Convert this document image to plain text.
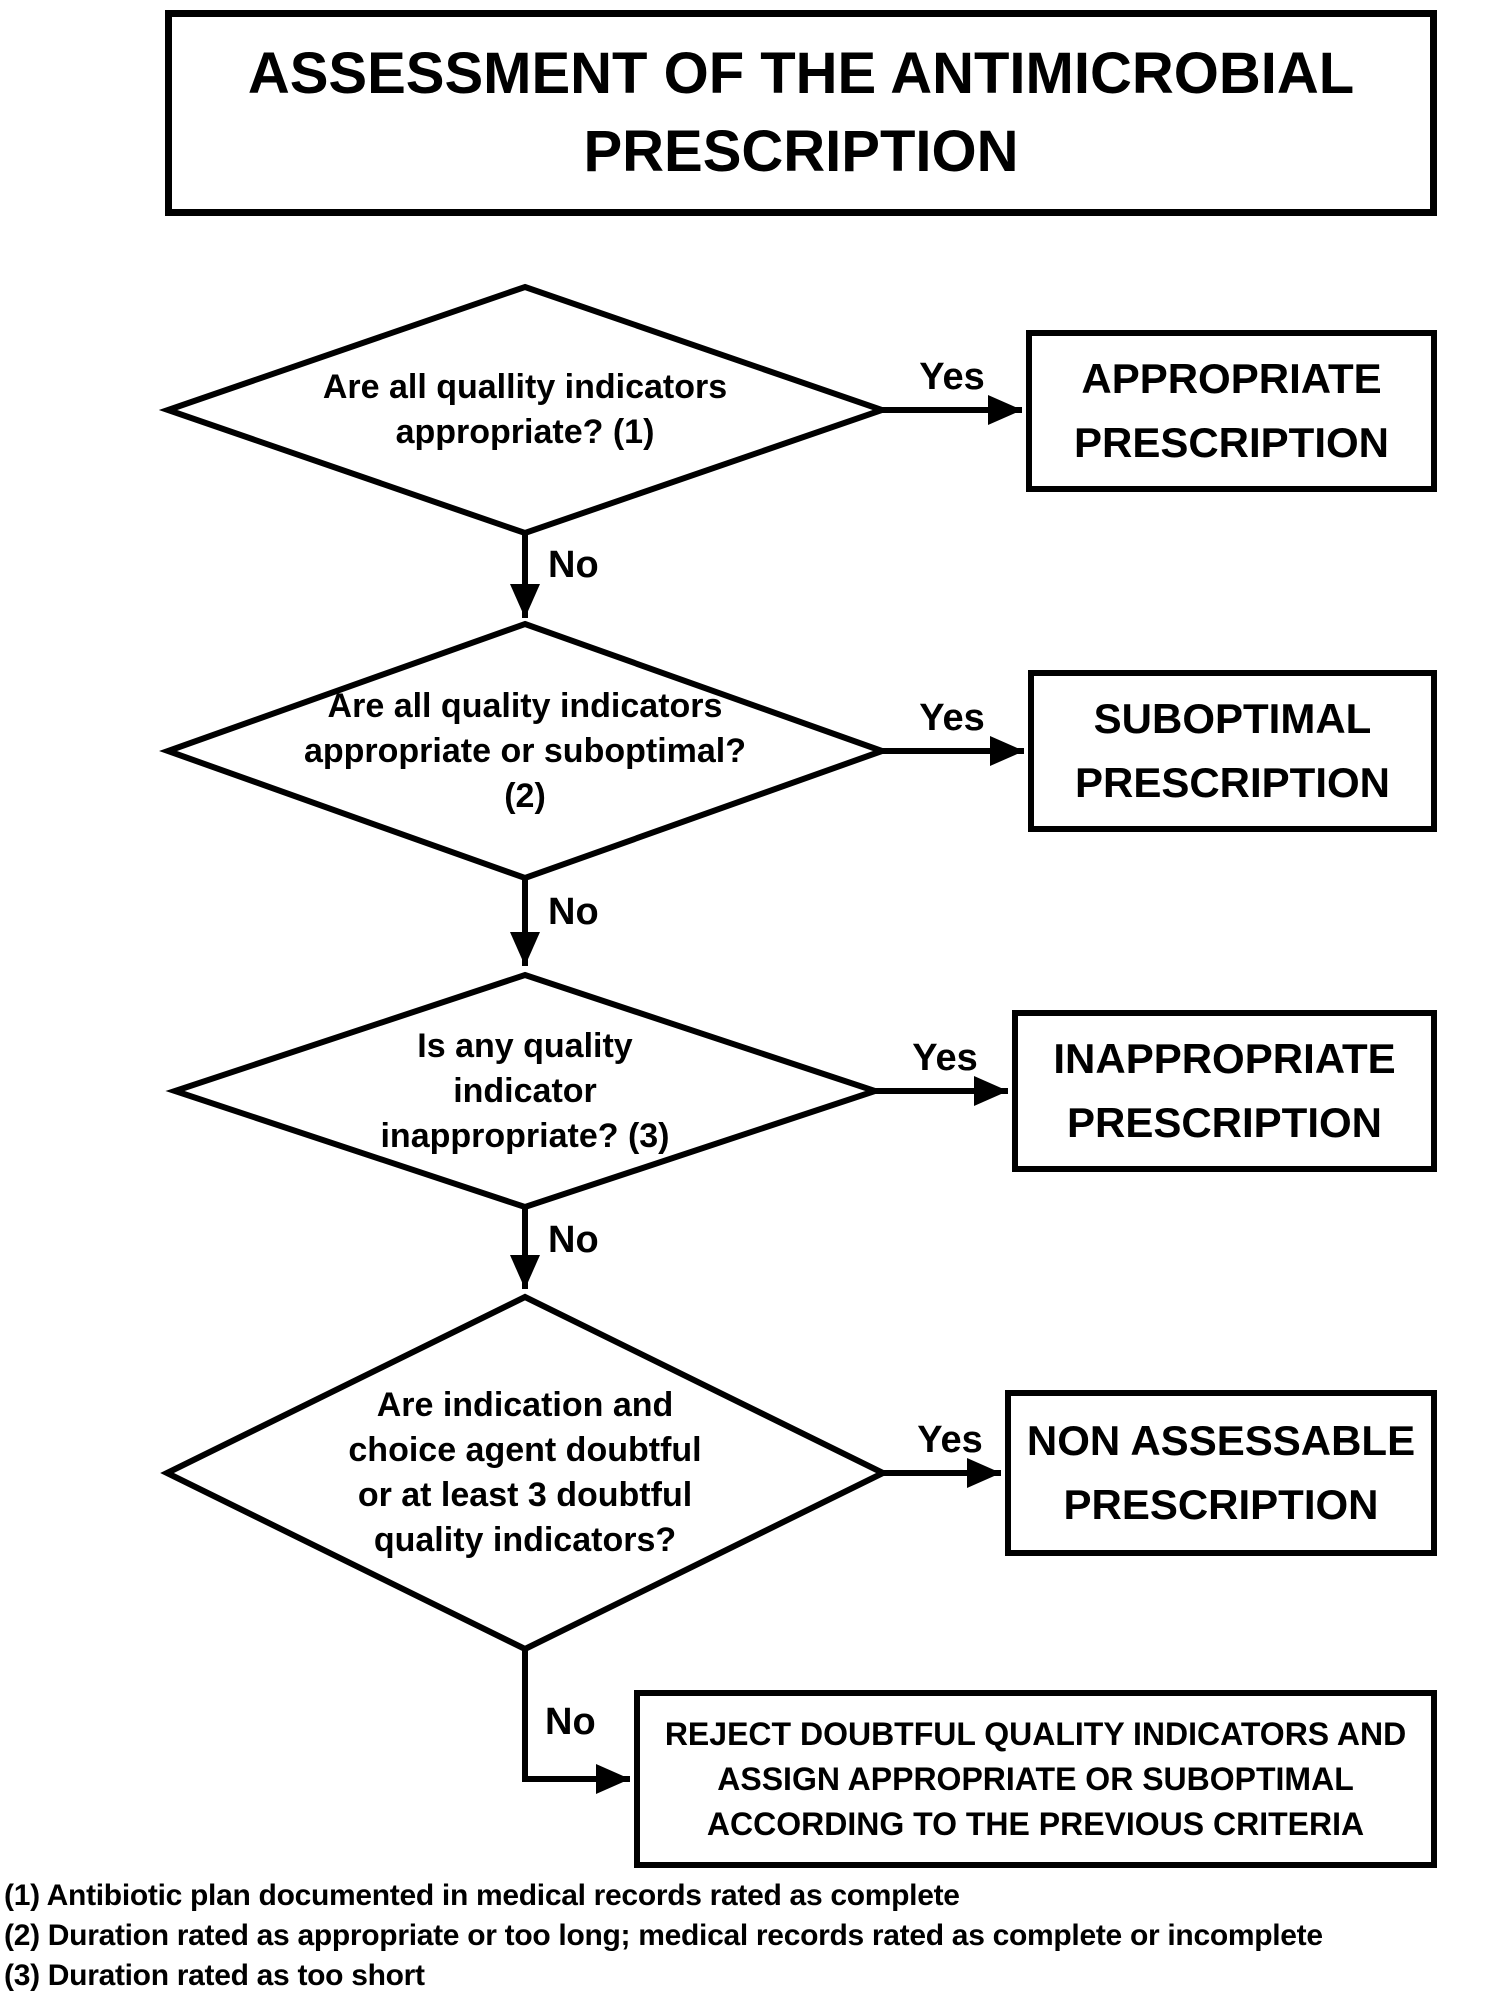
ASSESSMENT OF THE ANTIMICROBIAL
PRESCRIPTION
Are all quallity indicators
appropriate? (1)
Are all quality indicators
appropriate or suboptimal?
(2)
Is any quality
indicator
inappropriate? (3)
Are indication and
choice agent doubtful
or at least 3 doubtful
quality indicators?
Yes
No
Yes
No
Yes
No
Yes
No
APPROPRIATE
PRESCRIPTION
SUBOPTIMAL
PRESCRIPTION
INAPPROPRIATE
PRESCRIPTION
NON ASSESSABLE
PRESCRIPTION
REJECT DOUBTFUL QUALITY INDICATORS AND
ASSIGN APPROPRIATE OR SUBOPTIMAL
ACCORDING TO THE PREVIOUS CRITERIA
(1) Antibiotic plan documented in medical records rated as complete
(2) Duration rated as appropriate or too long; medical records rated as complete or incomplete
(3) Duration rated as too short
